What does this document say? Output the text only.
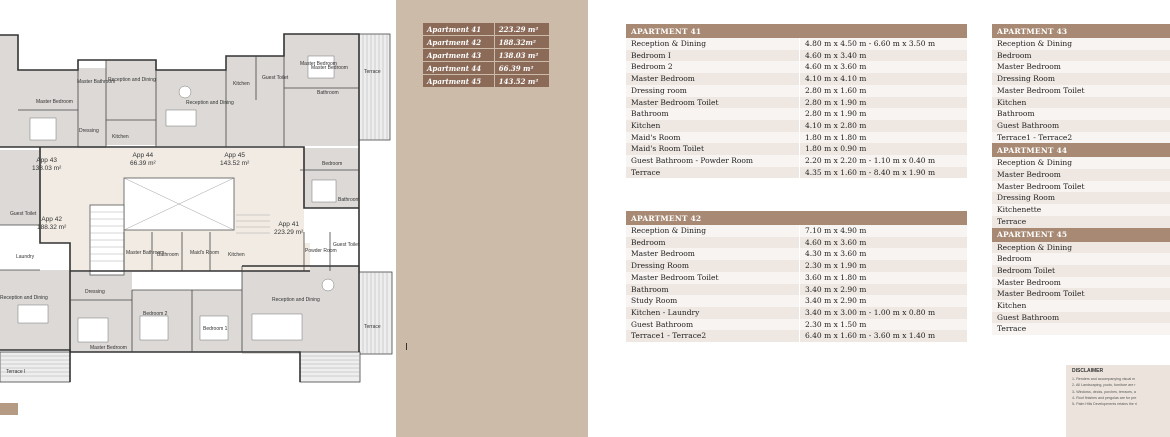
Master Bedroom
Master Bathroom
Reception and Dining
Kitchen
Guest Toilet
Master Bedroom
Terrace
Master Bedroom
Dressing
Kitchen
Reception and Dining
Bathroom
Bedroom
Bathroom
Guest Toilet
Laundry
Master Bathroom
Bathroom Maid's Room Kitchen
Powder Room
Guest Toilet
Dressing
Reception and Dining
Bedroom 2
Bedroom 1
Reception and Dining
Terrace
Master Bedroom
Terrace I
App 43
138.03 m²
App 44
66.39 m²
App 45
143.52 m²
App 42
188.32 m²	App 41
223.29 m²
Apartment 41	223.29 m²
Apartment 42	188.32m²
Apartment 43	138.03 m²
Apartment 44	66.39 m²
Apartment 45	143.52 m²
APARTMENT 41	
Reception & Dining	4.80 m x 4.50 m - 6.60 m x 3.50 m
Bedroom I	4.60 m x 3.40 m
Bedroom 2	4.60 m x 3.60 m
Master Bedroom	4.10 m x 4.10 m
Dressing room	2.80 m x 1.60 m
Master Bedroom Toilet	2.80 m x 1.90 m
Bathroom	2.80 m x 1.90 m
Kitchen	4.10 m x 2.80 m
Maid's Room	1.80 m x 1.80 m
Maid's Room Toilet	1.80 m x 0.90 m
Guest Bathroom - Powder Room	2.20 m x 2.20 m - 1.10 m x 0.40 m
Terrace	4.35 m x 1.60 m - 8.40 m x 1.90 m
APARTMENT 42	
Reception & Dining	7.10 m x 4.90 m
Bedroom	4.60 m x 3.60 m
Master Bedroom	4.30 m x 3.60 m
Dressing Room	2.30 m x 1.90 m
Master Bedroom Toilet	3.60 m x 1.80 m
Bathroom	3.40 m x 2.90 m
Study Room	3.40 m x 2.90 m
Kitchen - Laundry	3.40 m x 3.00 m - 1.00 m x 0.80 m
Guest Bathroom	2.30 m x 1.50 m
Terrace1 - Terrace2	6.40 m x 1.60 m - 3.60 m x 1.40 m
APARTMENT 43
Reception & Dining
Bedroom
Master Bedroom
Dressing Room
Master Bedroom Toilet
Kitchen
Bathroom
Guest Bathroom
Terrace1 - Terrace2
APARTMENT 44
Reception & Dining
Master Bedroom
Master Bedroom Toilet
Dressing Room
Kitchenette
Terrace
APARTMENT 45
Reception & Dining
Bedroom
Bedroom Toilet
Master Bedroom
Master Bedroom Toilet
Kitchen
Guest Bathroom
Terrace
DISCLAIMER
1- Renders and accompanying visual m
2- All Landscaping, pools, furniture are r
3- Windows, decks, porches, terraces, a
4- Roof finishes and pergolas are for pre
5- Palm Hills Developments retains the ri
